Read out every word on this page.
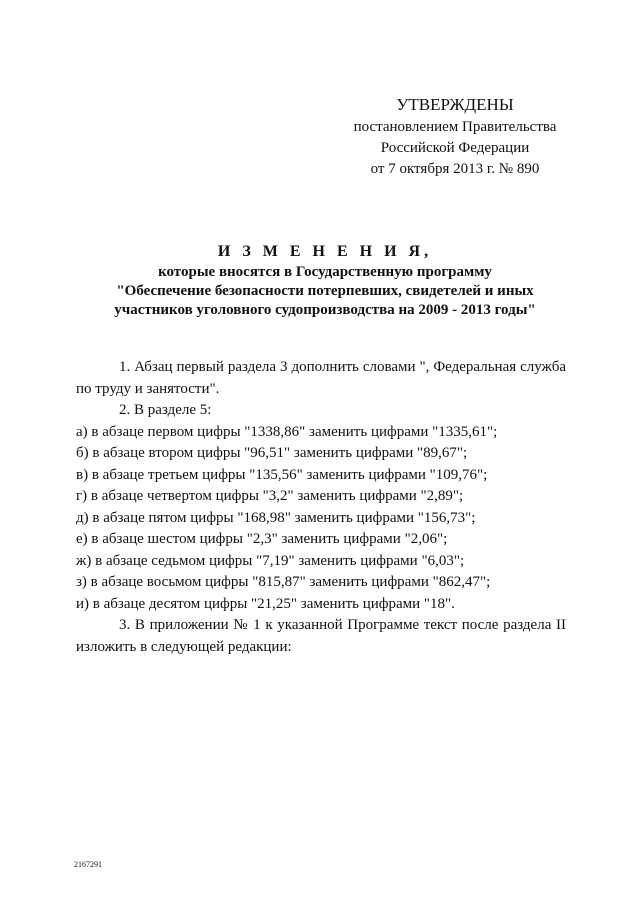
УТВЕРЖДЕНЫ
постановлением Правительства
Российской Федерации
от 7 октября 2013 г. № 890
И З М Е Н Е Н И Я,
которые вносятся в Государственную программу
"Обеспечение безопасности потерпевших, свидетелей и иных
участников уголовного судопроизводства на 2009 - 2013 годы"

1. Абзац первый раздела 3 дополнить словами ", Федеральная служба по труду и занятости".

2. В разделе 5:

а) в абзаце первом цифры "1338,86" заменить цифрами "1335,61";

б) в абзаце втором цифры "96,51" заменить цифрами "89,67";

в) в абзаце третьем цифры "135,56" заменить цифрами "109,76";

г) в абзаце четвертом цифры "3,2" заменить цифрами "2,89";

д) в абзаце пятом цифры "168,98" заменить цифрами "156,73";

е) в абзаце шестом цифры "2,3" заменить цифрами "2,06";

ж) в абзаце седьмом цифры "7,19" заменить цифрами "6,03";

з) в абзаце восьмом цифры "815,87" заменить цифрами "862,47";

и) в абзаце десятом цифры "21,25" заменить цифрами "18".

3. В приложении № 1 к указанной Программе текст после раздела II изложить в следующей редакции:

2167291
